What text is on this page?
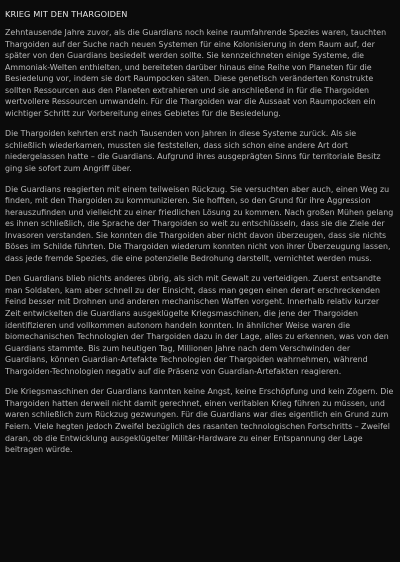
KRIEG MIT DEN THARGOIDEN

Zehntausende Jahre zuvor, als die Guardians noch keine raumfahrende Spezies waren, tauchten Thargoiden auf der Suche nach neuen Systemen für eine Kolonisierung in dem Raum auf, der später von den Guardians besiedelt werden sollte. Sie kennzeichneten einige Systeme, die Ammoniak-Welten enthielten, und bereiteten darüber hinaus eine Reihe von Planeten für die Besiedelung vor, indem sie dort Raumpocken säten. Diese genetisch veränderten Konstrukte sollten Ressourcen aus den Planeten extrahieren und sie anschließend in für die Thargoiden wertvollere Ressourcen umwandeln. Für die Thargoiden war die Aussaat von Raumpocken ein wichtiger Schritt zur Vorbereitung eines Gebietes für die Besiedelung.

Die Thargoiden kehrten erst nach Tausenden von Jahren in diese Systeme zurück. Als sie schließlich wiederkamen, mussten sie feststellen, dass sich schon eine andere Art dort niedergelassen hatte – die Guardians. Aufgrund ihres ausgeprägten Sinns für territoriale Besitz ging sie sofort zum Angriff über.

Die Guardians reagierten mit einem teilweisen Rückzug. Sie versuchten aber auch, einen Weg zu finden, mit den Thargoiden zu kommunizieren. Sie hofften, so den Grund für ihre Aggression herauszufinden und vielleicht zu einer friedlichen Lösung zu kommen. Nach großen Mühen gelang es ihnen schließlich, die Sprache der Thargoiden so weit zu entschlüsseln, dass sie die Ziele der Invasoren verstanden. Sie konnten die Thargoiden aber nicht davon überzeugen, dass sie nichts Böses im Schilde führten. Die Thargoiden wiederum konnten nicht von ihrer Überzeugung lassen, dass jede fremde Spezies, die eine potenzielle Bedrohung darstellt, vernichtet werden muss.

Den Guardians blieb nichts anderes übrig, als sich mit Gewalt zu verteidigen. Zuerst entsandte man Soldaten, kam aber schnell zu der Einsicht, dass man gegen einen derart erschreckenden Feind besser mit Drohnen und anderen mechanischen Waffen vorgeht. Innerhalb relativ kurzer Zeit entwickelten die Guardians ausgeklügelte Kriegsmaschinen, die jene der Thargoiden identifizieren und vollkommen autonom handeln konnten. In ähnlicher Weise waren die biomechanischen Technologien der Thargoiden dazu in der Lage, alles zu erkennen, was von den Guardians stammte. Bis zum heutigen Tag, Millionen Jahre nach dem Verschwinden der Guardians, können Guardian-Artefakte Technologien der Thargoiden wahrnehmen, während Thargoiden-Technologien negativ auf die Präsenz von Guardian-Artefakten reagieren.

Die Kriegsmaschinen der Guardians kannten keine Angst, keine Erschöpfung und kein Zögern. Die Thargoiden hatten derweil nicht damit gerechnet, einen veritablen Krieg führen zu müssen, und waren schließlich zum Rückzug gezwungen. Für die Guardians war dies eigentlich ein Grund zum Feiern. Viele hegten jedoch Zweifel bezüglich des rasanten technologischen Fortschritts – Zweifel daran, ob die Entwicklung ausgeklügelter Militär-Hardware zu einer Entspannung der Lage beitragen würde.
